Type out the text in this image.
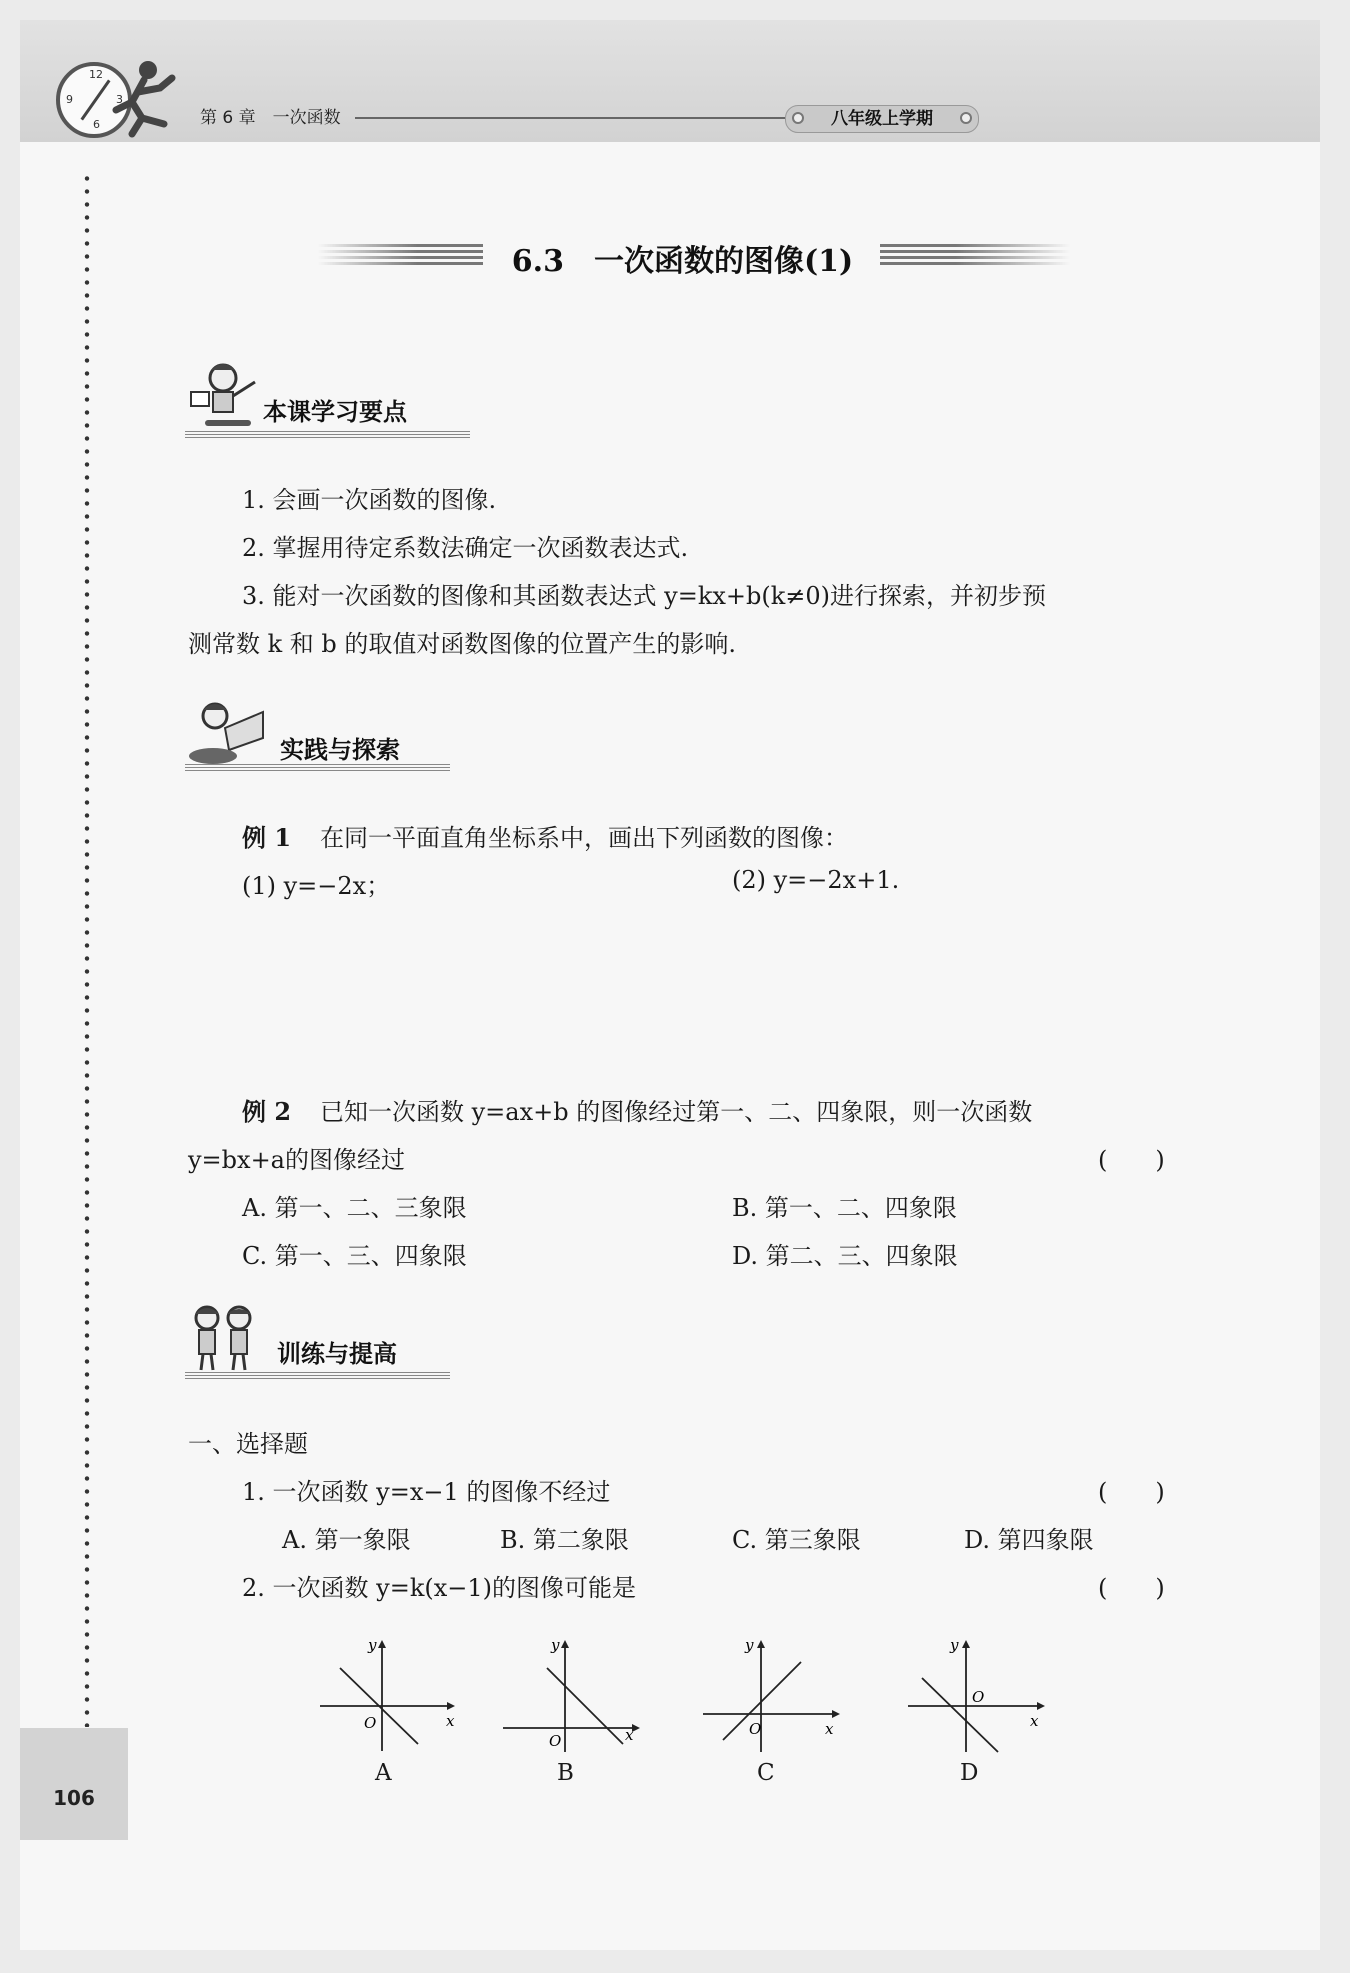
12
3
6
9
第 6 章　一次函数	八年级上学期
106
6.3　一次函数的图像(1)
本课学习要点
1. 会画一次函数的图像.
2. 掌握用待定系数法确定一次函数表达式.
3. 能对一次函数的图像和其函数表达式 y=kx+b(k≠0)进行探索，并初步预
测常数 k 和 b 的取值对函数图像的位置产生的影响.
实践与探索
例 1 在同一平面直角坐标系中，画出下列函数的图像：
(1) y=−2x；	(2) y=−2x+1.
例 2 已知一次函数 y=ax+b 的图像经过第一、二、四象限，则一次函数
y=bx+a的图像经过	(　　)
A. 第一、二、三象限	B. 第一、二、四象限
C. 第一、三、四象限	D. 第二、三、四象限
训练与提高
一、选择题
1. 一次函数 y=x−1 的图像不经过	(　　)
A. 第一象限	B. 第二象限	C. 第三象限	D. 第四象限
2. 一次函数 y=k(x−1)的图像可能是	(　　)
y
x
O
A
y
x
O
B
y
x
O
C
y
x
O
D
